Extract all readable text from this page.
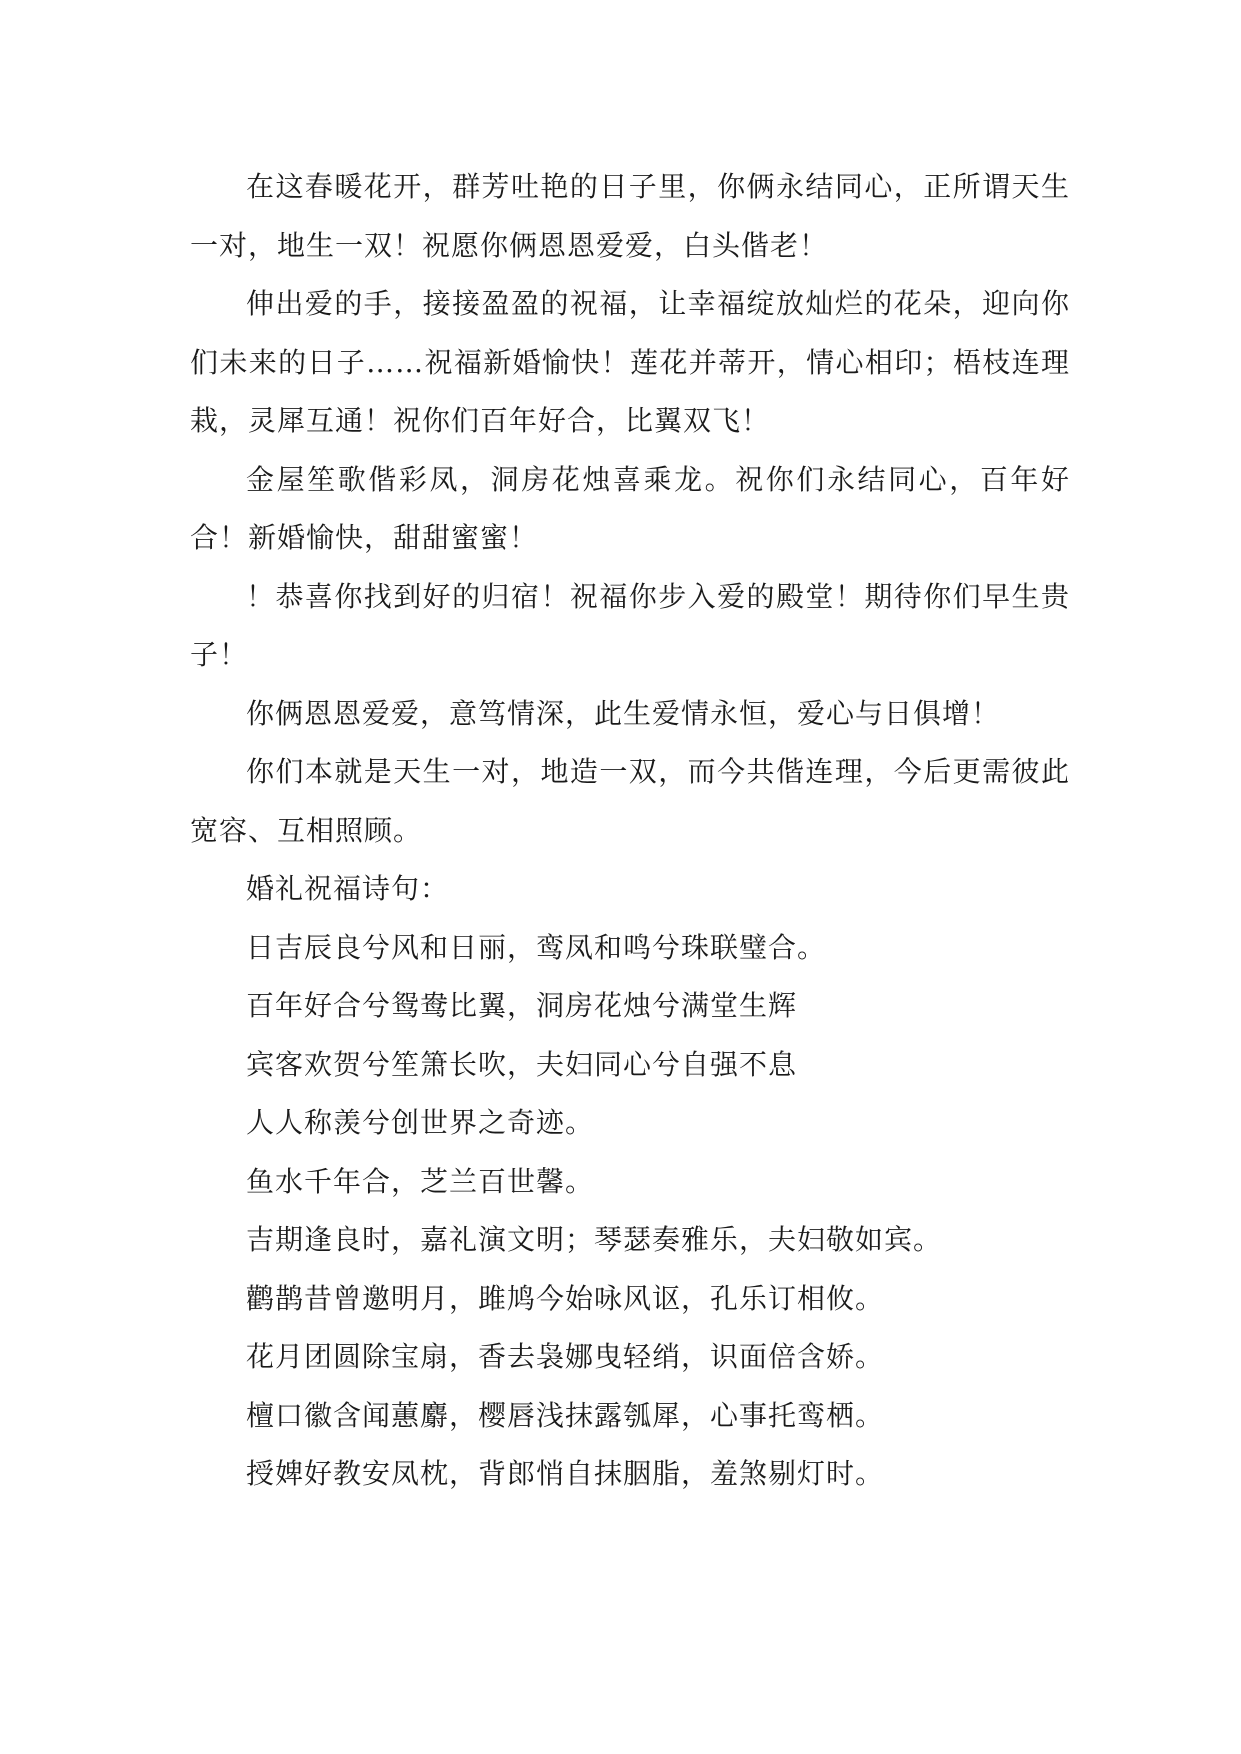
在这春暖花开，群芳吐艳的日子里，你俩永结同心，正所谓天生一对，地生一双！祝愿你俩恩恩爱爱，白头偕老！

伸出爱的手，接接盈盈的祝福，让幸福绽放灿烂的花朵，迎向你们未来的日子……祝福新婚愉快！莲花并蒂开，情心相印；梧枝连理栽，灵犀互通！祝你们百年好合，比翼双飞！

金屋笙歌偕彩凤，洞房花烛喜乘龙。祝你们永结同心，百年好合！新婚愉快，甜甜蜜蜜！

！恭喜你找到好的归宿！祝福你步入爱的殿堂！期待你们早生贵子！

你俩恩恩爱爱，意笃情深，此生爱情永恒，爱心与日俱增！

你们本就是天生一对，地造一双，而今共偕连理，今后更需彼此宽容、互相照顾。

婚礼祝福诗句：

日吉辰良兮风和日丽，鸾凤和鸣兮珠联璧合。

百年好合兮鸳鸯比翼，洞房花烛兮满堂生辉

宾客欢贺兮笙箫长吹，夫妇同心兮自强不息

人人称羡兮创世界之奇迹。

鱼水千年合，芝兰百世馨。

吉期逢良时，嘉礼演文明；琴瑟奏雅乐，夫妇敬如宾。

鹳鹊昔曾邀明月，雎鸠今始咏风讴，孔乐订相攸。

花月团圆除宝扇，香去袅娜曳轻绡，识面倍含娇。

檀口徽含闻蕙麝，樱唇浅抹露瓠犀，心事托鸾栖。

授婢好教安凤枕，背郎悄自抹胭脂，羞煞剔灯时。
